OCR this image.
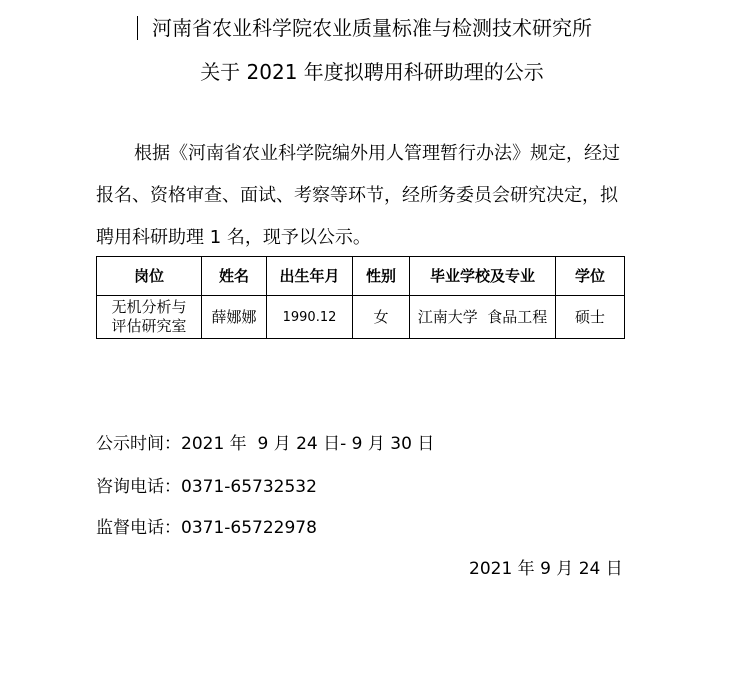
河南省农业科学院农业质量标准与检测技术研究所
关于 2021 年度拟聘用科研助理的公示
根据《河南省农业科学院编外用人管理暂行办法》规定，经过
报名、资格审查、面试、考察等环节，经所务委员会研究决定，拟
聘用科研助理 1 名，现予以公示。
岗位	姓名	出生年月	性别	毕业学校及专业	学位

无机分析与
评估研究室	薛娜娜	1990.12	女	江南大学  食品工程	硕士
公示时间：2021 年  9 月 24 日- 9 月 30 日
咨询电话：0371-65732532
监督电话：0371-65722978
2021 年 9 月 24 日
